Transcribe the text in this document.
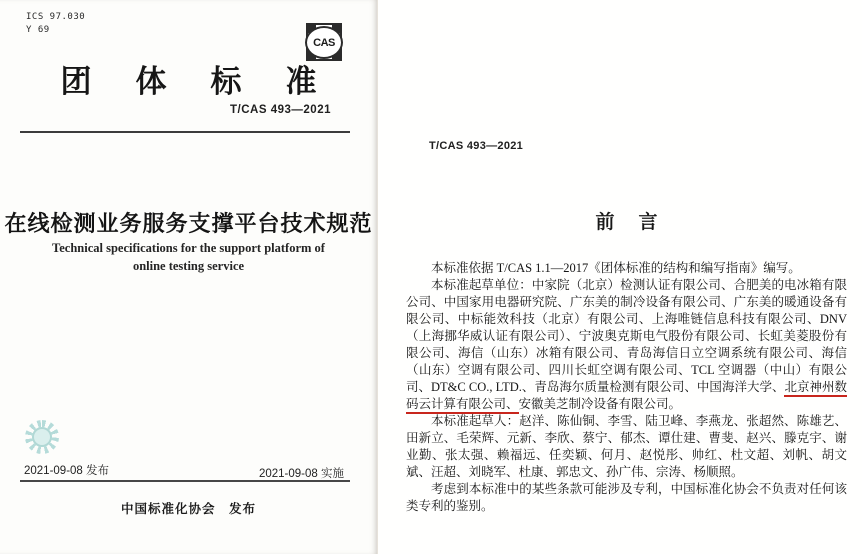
ICS 97.030
Y 69
CAS
团体标准
T/CAS 493—2021
在线检测业务服务支撑平台技术规范
Technical specifications for the support platform of
online testing service
2021-09-08 发布	2021-09-08 实施
中国标准化协会　发布
T/CAS 493—2021
前言

本标准依据 T/CAS 1.1—2017《团体标准的结构和编写指南》编写。

本标准起草单位：中家院（北京）检测认证有限公司、合肥美的电冰箱有限公司、中国家用电器研究院、广东美的制冷设备有限公司、广东美的暖通设备有限公司、中标能效科技（北京）有限公司、上海唯链信息科技有限公司、DNV（上海挪华威认证有限公司）、宁波奥克斯电气股份有限公司、长虹美菱股份有限公司、海信（山东）冰箱有限公司、青岛海信日立空调系统有限公司、海信（山东）空调有限公司、四川长虹空调有限公司、TCL 空调器（中山）有限公司、DT&C CO., LTD.、青岛海尔质量检测有限公司、中国海洋大学、北京神州数码云计算有限公司、安徽美芝制冷设备有限公司。

本标准起草人：赵洋、陈仙铜、李雪、陆卫峰、李燕龙、张超然、陈雄艺、田新立、毛荣辉、元新、李欣、蔡宁、郁杰、谭仕建、曹斐、赵兴、滕克宇、谢业勤、张太强、赖福远、任奕颖、何月、赵悦彤、帅红、杜文超、刘帆、胡文斌、汪超、刘晓军、杜康、郭忠文、孙广伟、宗涛、杨顺照。

考虑到本标准中的某些条款可能涉及专利，中国标准化协会不负责对任何该类专利的鉴别。
